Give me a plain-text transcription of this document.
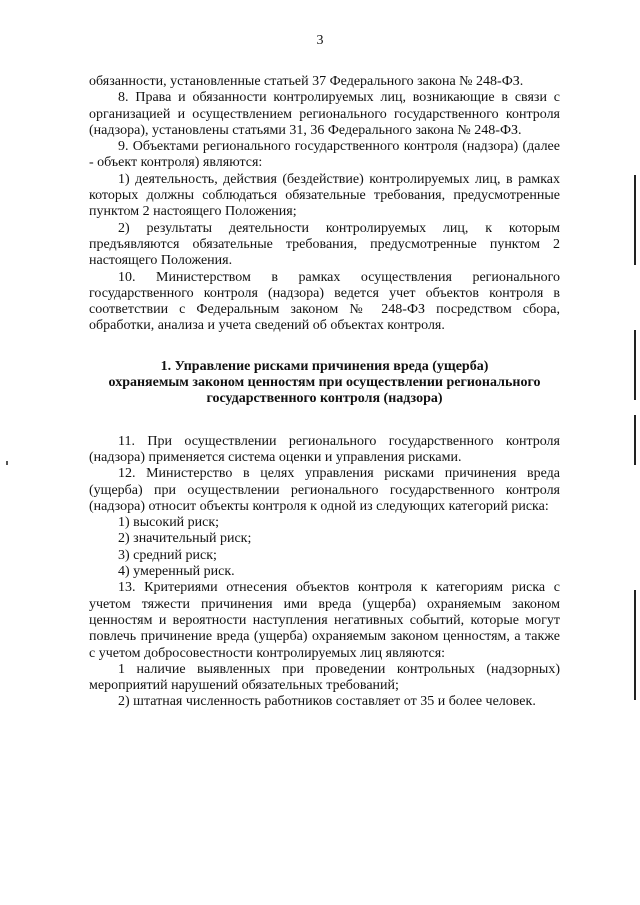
3

обязанности, установленные статьей 37 Федерального закона № 248-ФЗ.

8. Права и обязанности контролируемых лиц, возникающие в связи с организацией и осуществлением регионального государственного контроля (надзора), установлены статьями 31, 36 Федерального закона № 248-ФЗ.

9. Объектами регионального государственного контроля (надзора) (далее - объект контроля) являются:

1) деятельность, действия (бездействие) контролируемых лиц, в рамках которых должны соблюдаться обязательные требования, предусмотренные пунктом 2 настоящего Положения;

2) результаты деятельности контролируемых лиц, к которым предъявляются обязательные требования, предусмотренные пунктом 2 настоящего Положения.

10. Министерством в рамках осуществления регионального государственного контроля (надзора) ведется учет объектов контроля в соответствии с Федеральным законом № 248-ФЗ посредством сбора, обработки, анализа и учета сведений об объектах контроля.

1. Управление рисками причинения вреда (ущерба)

охраняемым законом ценностям при осуществлении регионального

государственного контроля (надзора)

11. При осуществлении регионального государственного контроля (надзора) применяется система оценки и управления рисками.

12. Министерство в целях управления рисками причинения вреда (ущерба) при осуществлении регионального государственного контроля (надзора) относит объекты контроля к одной из следующих категорий риска:

1) высокий риск;

2) значительный риск;

3) средний риск;

4) умеренный риск.

13. Критериями отнесения объектов контроля к категориям риска с учетом тяжести причинения ими вреда (ущерба) охраняемым законом ценностям и вероятности наступления негативных событий, которые могут повлечь причинение вреда (ущерба) охраняемым законом ценностям, а также с учетом добросовестности контролируемых лиц являются:

1 наличие выявленных при проведении контрольных (надзорных) мероприятий нарушений обязательных требований;

2) штатная численность работников составляет от 35 и более человек.
